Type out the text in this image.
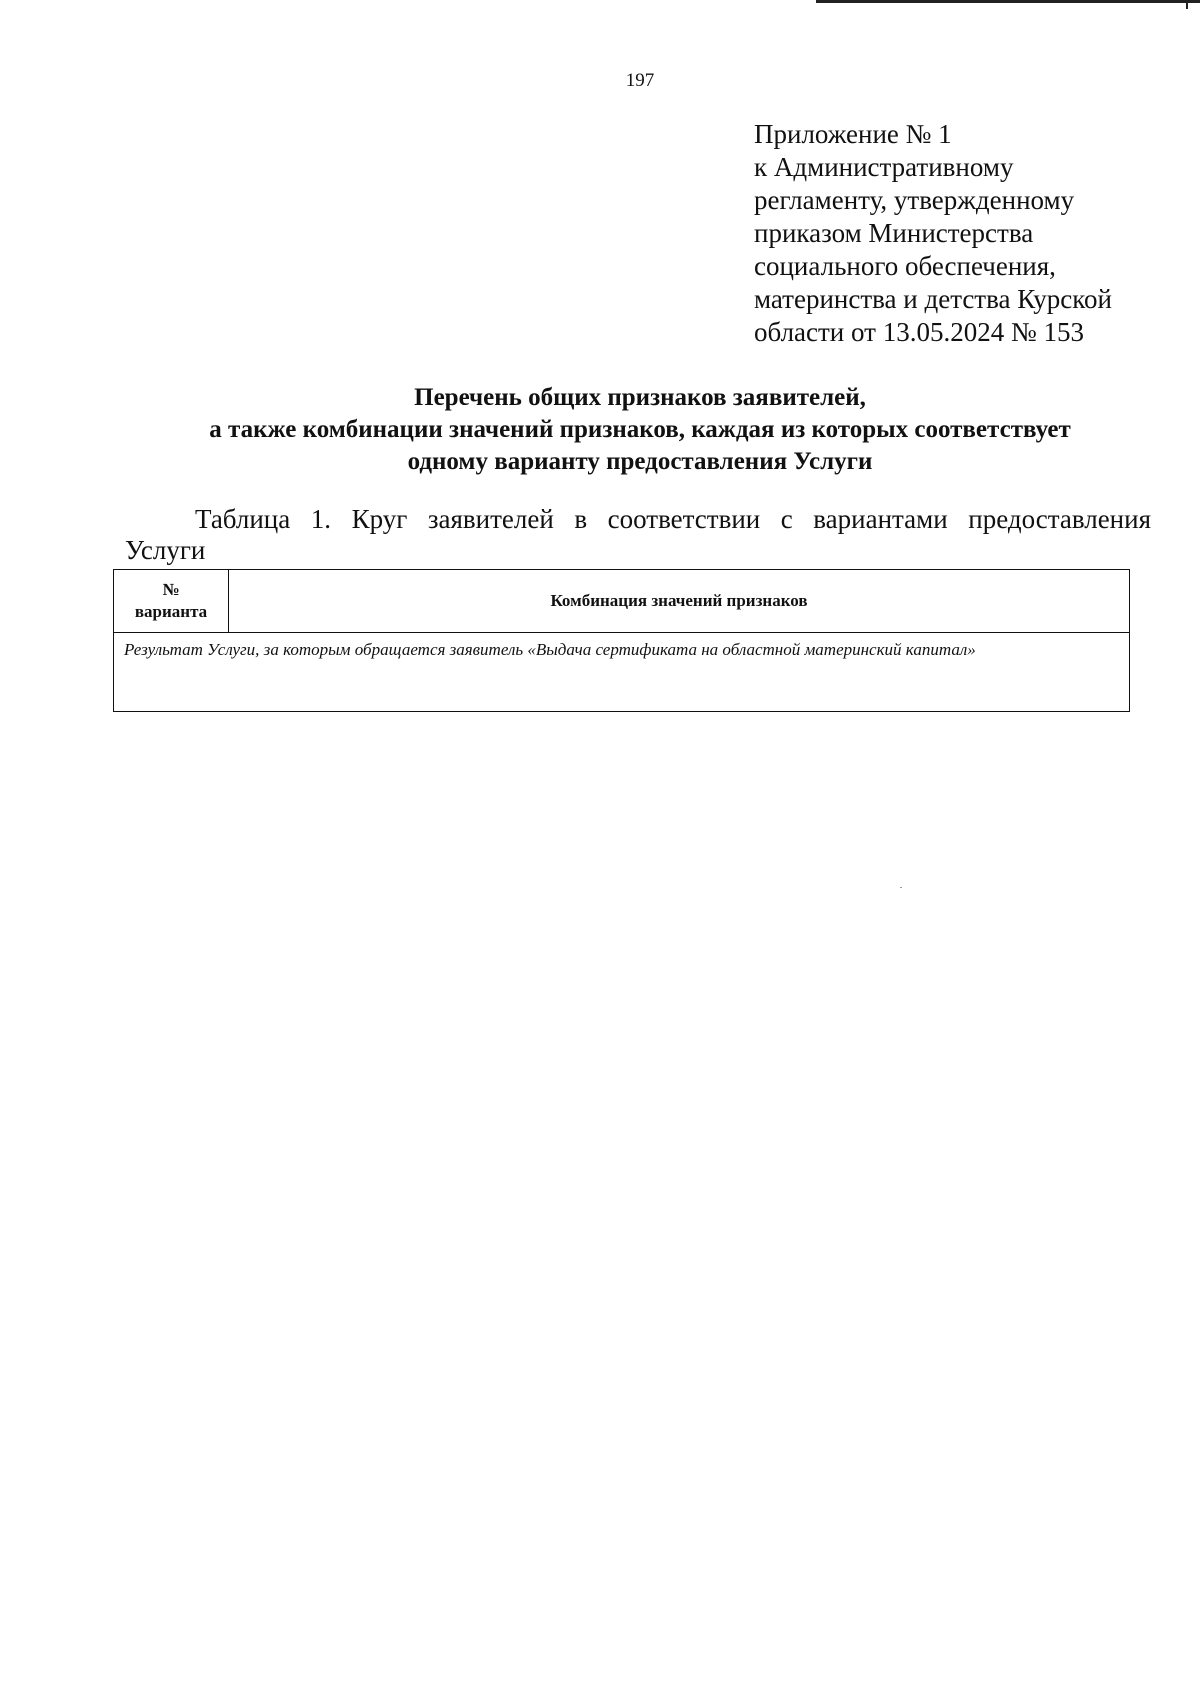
197
Приложение № 1
к Административному
регламенту, утвержденному
приказом Министерства
социального обеспечения,
материнства и детства Курской
области от 13.05.2024 № 153
Перечень общих признаков заявителей,
а также комбинации значений признаков, каждая из которых соответствует
одному варианту предоставления Услуги
Таблица 1. Круг заявителей в соответствии с вариантами предоставления
Услуги
№
варианта
	Комбинация значений признаков
Результат Услуги, за которым обращается заявитель «Выдача сертификата на областной материнский капитал»
